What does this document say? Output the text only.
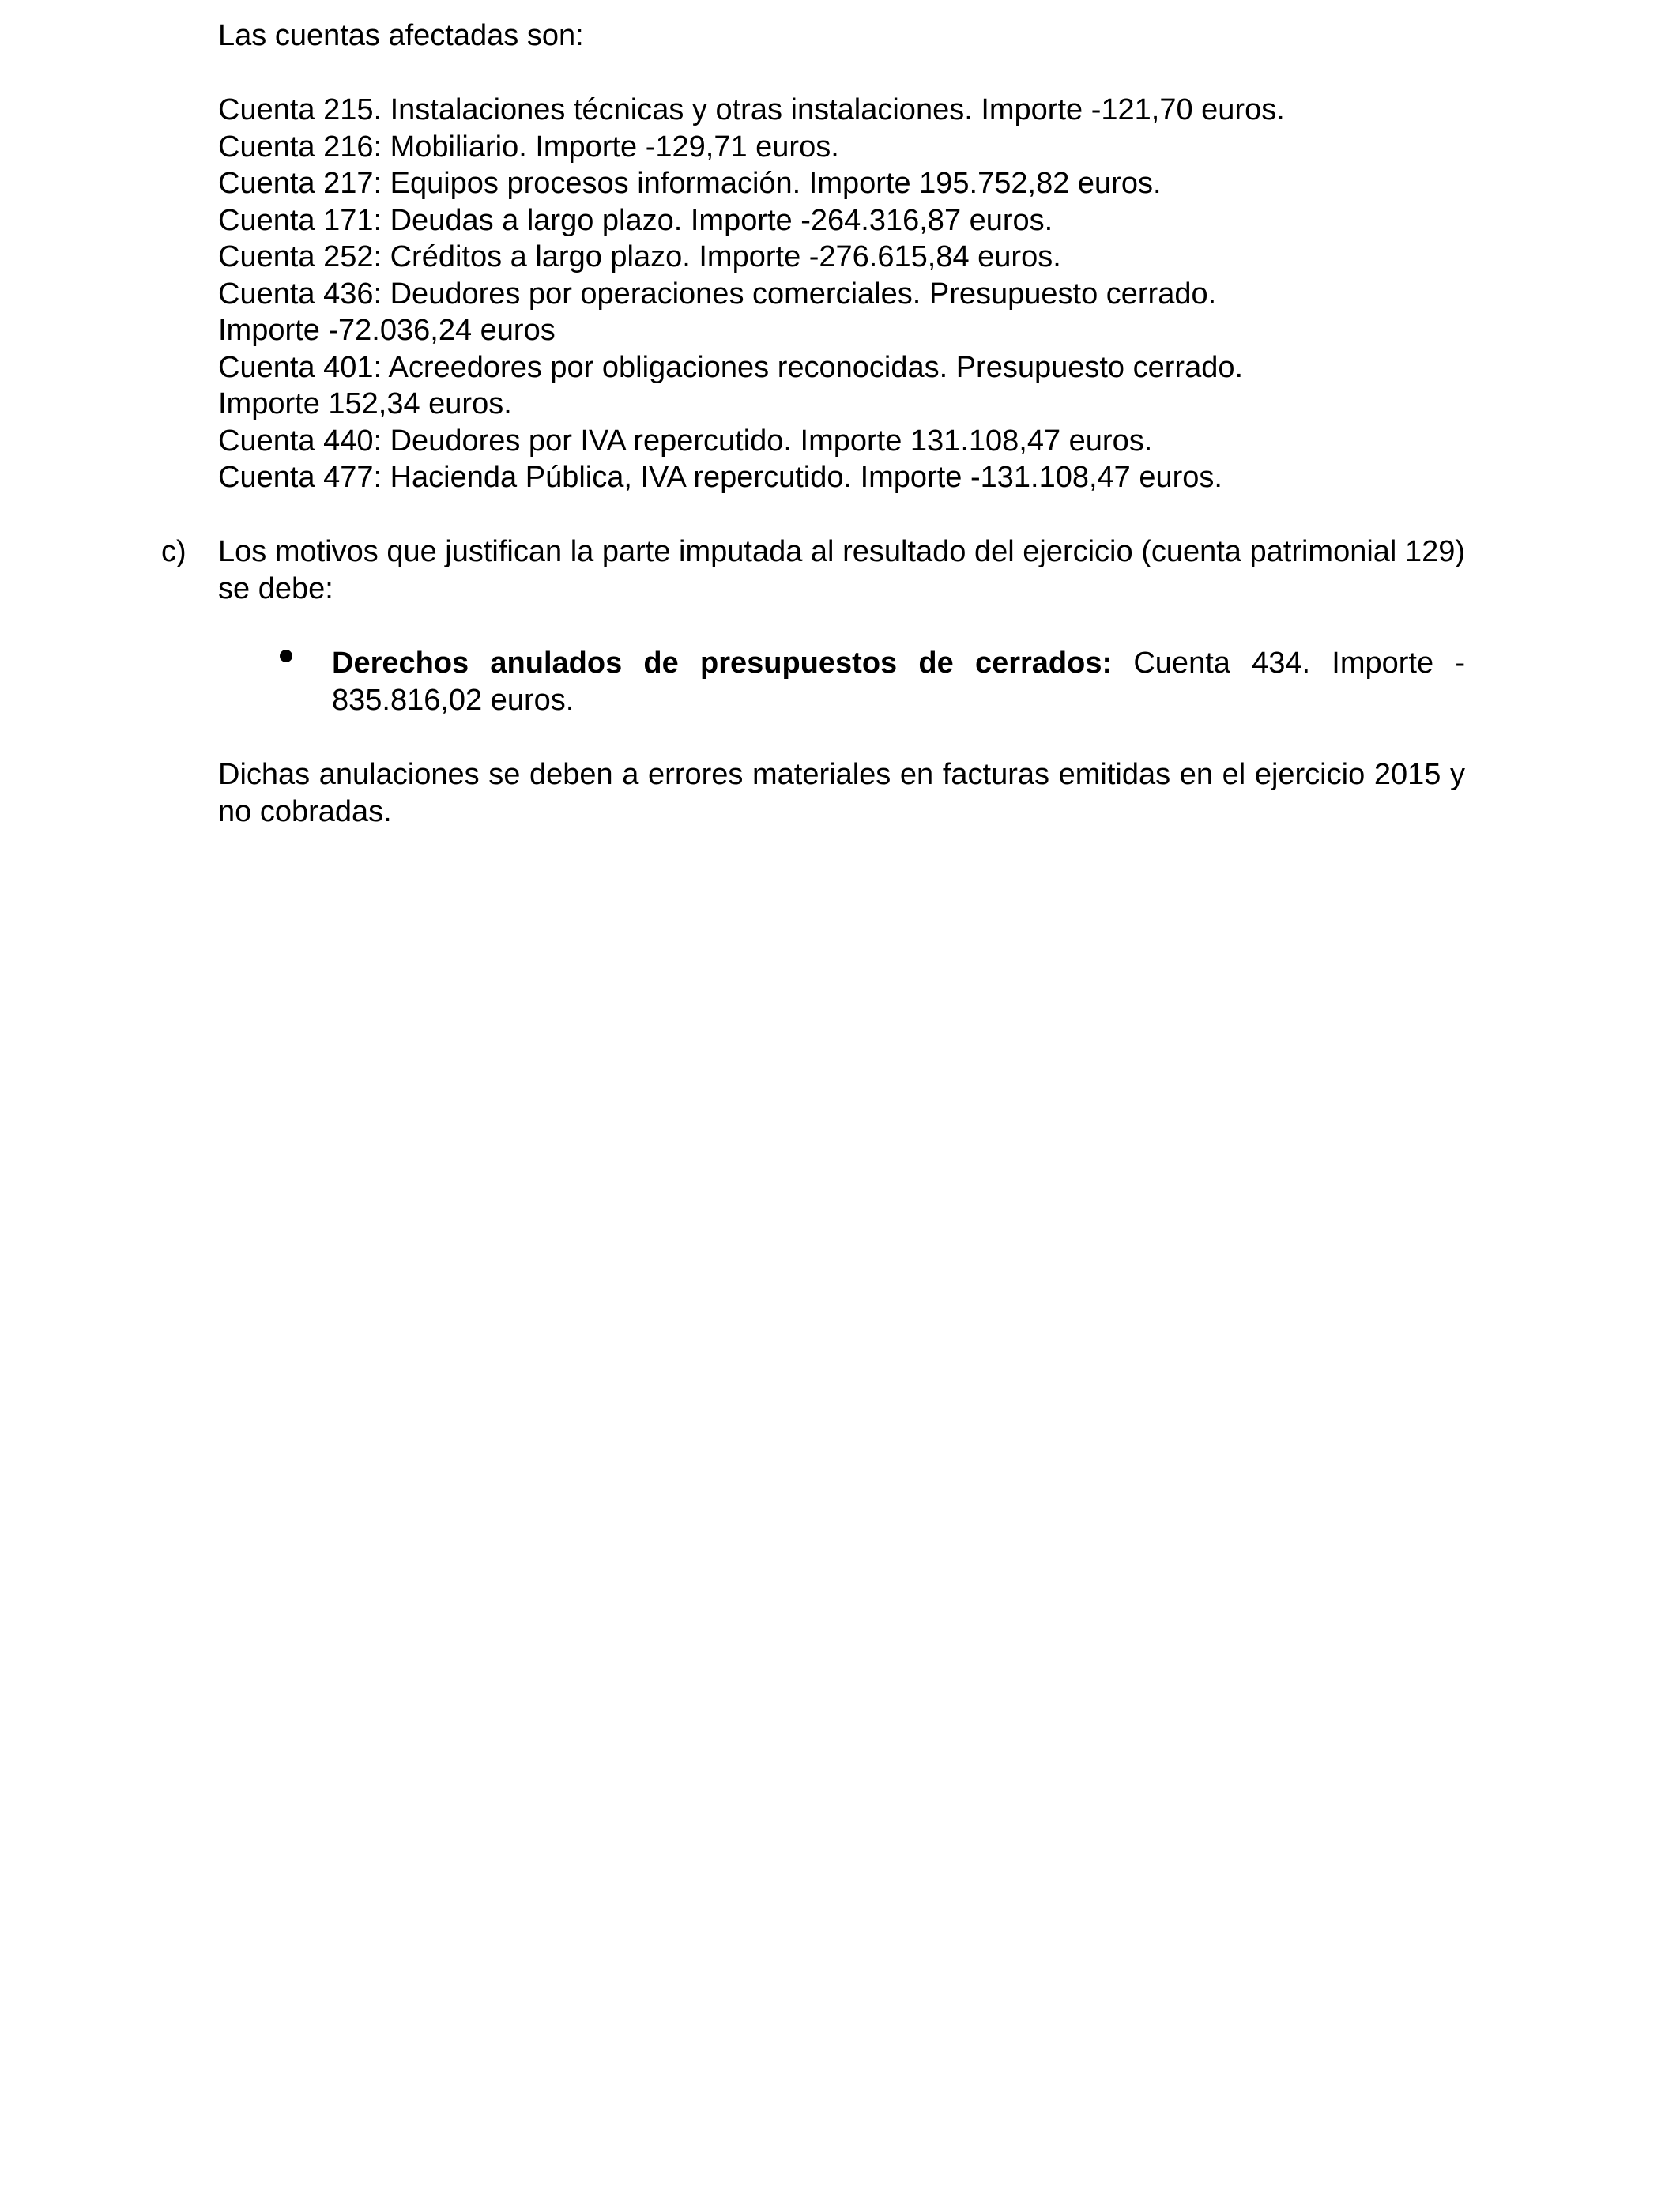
Las cuentas afectadas son:
Cuenta 215. Instalaciones técnicas y otras instalaciones. Importe -121,70 euros.
Cuenta 216: Mobiliario. Importe -129,71 euros.
Cuenta 217: Equipos procesos información. Importe 195.752,82 euros.
Cuenta 171: Deudas a largo plazo. Importe -264.316,87 euros.
Cuenta 252: Créditos a largo plazo. Importe -276.615,84 euros.
Cuenta 436: Deudores por operaciones comerciales. Presupuesto cerrado.
Importe -72.036,24 euros
Cuenta 401: Acreedores por obligaciones reconocidas. Presupuesto cerrado.
Importe 152,34 euros.
Cuenta 440: Deudores por IVA repercutido. Importe 131.108,47 euros.
Cuenta 477: Hacienda Pública, IVA repercutido. Importe -131.108,47 euros.
c) Los motivos que justifican la parte imputada al resultado del ejercicio (cuenta patrimonial 129) se debe:
Derechos anulados de presupuestos de cerrados: Cuenta 434. Importe - 835.816,02 euros.
Dichas anulaciones se deben a errores materiales en facturas emitidas en el ejercicio 2015 y no cobradas.
